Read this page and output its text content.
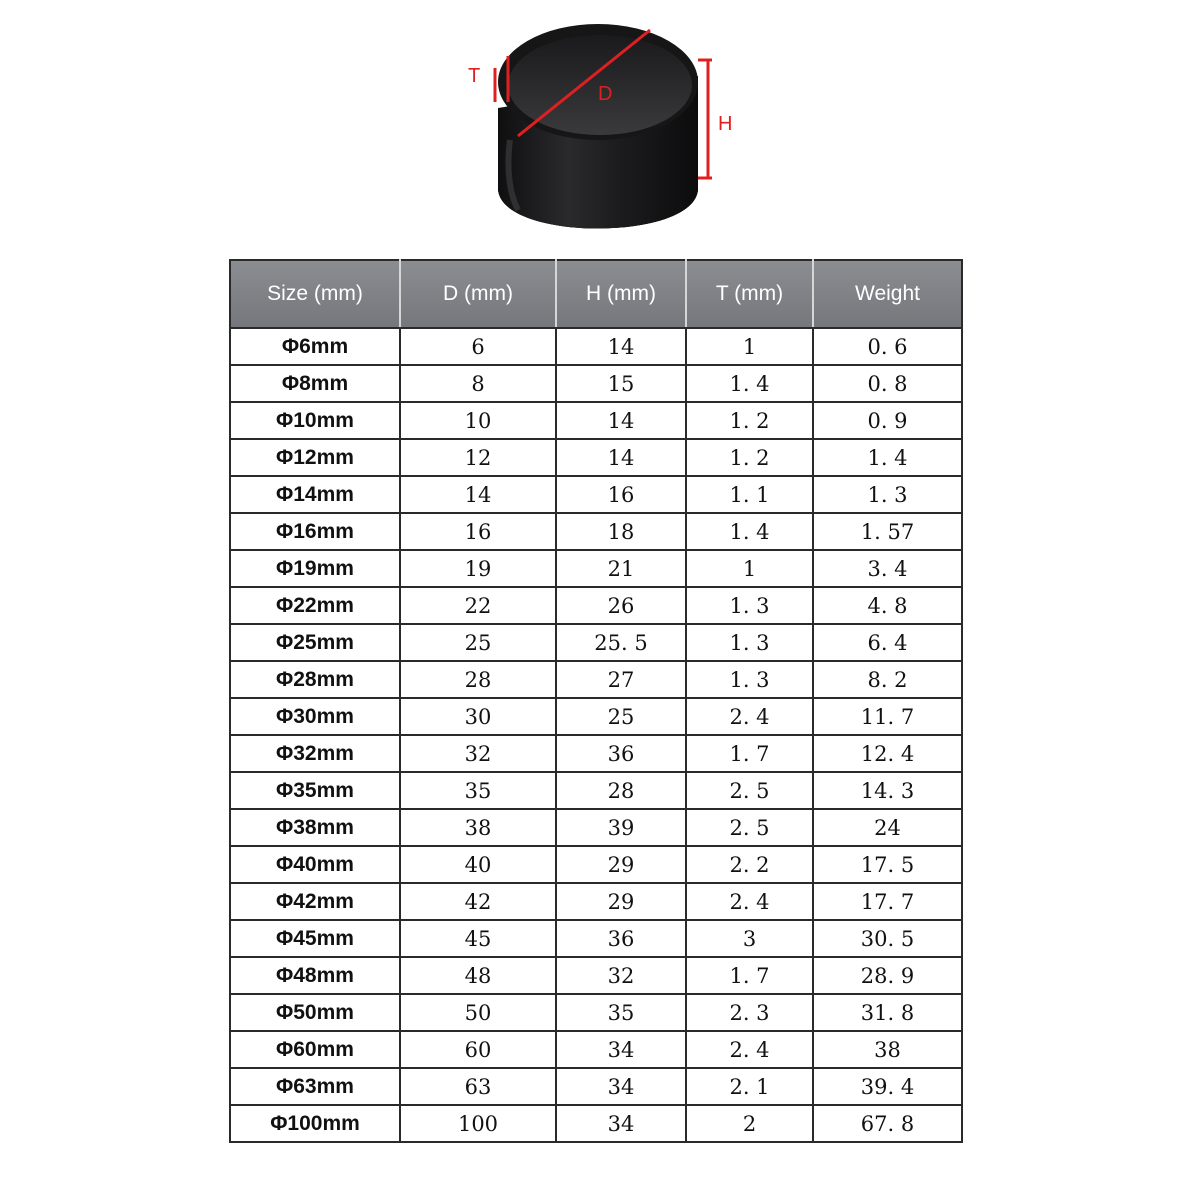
T
D
H
Size (mm)	D (mm)	H (mm)	T (mm)	Weight
Φ6mm	6	14	1	0. 6
Φ8mm	8	15	1. 4	0. 8
Φ10mm	10	14	1. 2	0. 9
Φ12mm	12	14	1. 2	1. 4
Φ14mm	14	16	1. 1	1. 3
Φ16mm	16	18	1. 4	1. 57
Φ19mm	19	21	1	3. 4
Φ22mm	22	26	1. 3	4. 8
Φ25mm	25	25. 5	1. 3	6. 4
Φ28mm	28	27	1. 3	8. 2
Φ30mm	30	25	2. 4	11. 7
Φ32mm	32	36	1. 7	12. 4
Φ35mm	35	28	2. 5	14. 3
Φ38mm	38	39	2. 5	24
Φ40mm	40	29	2. 2	17. 5
Φ42mm	42	29	2. 4	17. 7
Φ45mm	45	36	3	30. 5
Φ48mm	48	32	1. 7	28. 9
Φ50mm	50	35	2. 3	31. 8
Φ60mm	60	34	2. 4	38
Φ63mm	63	34	2. 1	39. 4
Φ100mm	100	34	2	67. 8
